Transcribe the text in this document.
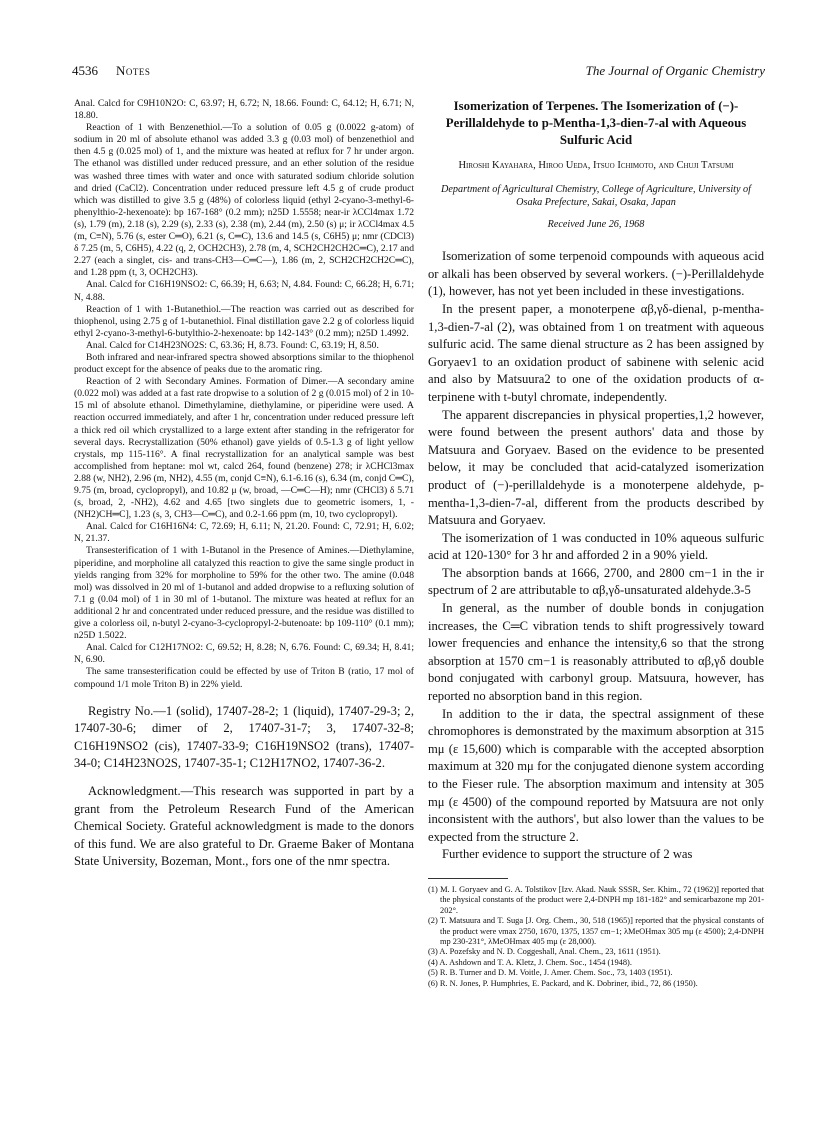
4536 Notes	The Journal of Organic Chemistry

Anal. Calcd for C9H10N2O: C, 63.97; H, 6.72; N, 18.66. Found: C, 64.12; H, 6.71; N, 18.80.

Reaction of 1 with Benzenethiol.—To a solution of 0.05 g (0.0022 g-atom) of sodium in 20 ml of absolute ethanol was added 3.3 g (0.03 mol) of benzenethiol and then 4.5 g (0.025 mol) of 1, and the mixture was heated at reflux for 7 hr under argon. The ethanol was distilled under reduced pressure, and an ether solution of the residue was washed three times with water and once with saturated sodium chloride solution and dried (CaCl2). Concentration under reduced pressure left 4.5 g of crude product which was distilled to give 3.5 g (48%) of colorless liquid (ethyl 2-cyano-3-methyl-6-phenylthio-2-hexenoate): bp 167-168° (0.2 mm); n25D 1.5558; near-ir λCCl4max 1.72 (s), 1.79 (m), 2.18 (s), 2.29 (s), 2.33 (s), 2.38 (m), 2.44 (m), 2.50 (s) μ; ir λCCl4max 4.5 (m, C≡N), 5.76 (s, ester C═O), 6.21 (s, C═C), 13.6 and 14.5 (s, C6H5) μ; nmr (CDCl3) δ 7.25 (m, 5, C6H5), 4.22 (q, 2, OCH2CH3), 2.78 (m, 4, SCH2CH2CH2C═C), 2.17 and 2.27 (each a singlet, cis- and trans-CH3—C═C—), 1.86 (m, 2, SCH2CH2CH2C═C), and 1.28 ppm (t, 3, OCH2CH3).

Anal. Calcd for C16H19NSO2: C, 66.39; H, 6.63; N, 4.84. Found: C, 66.28; H, 6.71; N, 4.88.

Reaction of 1 with 1-Butanethiol.—The reaction was carried out as described for thiophenol, using 2.75 g of 1-butanethiol. Final distillation gave 2.2 g of colorless liquid ethyl 2-cyano-3-methyl-6-butylthio-2-hexenoate: bp 142-143° (0.2 mm); n25D 1.4992.

Anal. Calcd for C14H23NO2S: C, 63.36; H, 8.73. Found: C, 63.19; H, 8.50.

Both infrared and near-infrared spectra showed absorptions similar to the thiophenol product except for the absence of peaks due to the aromatic ring.

Reaction of 2 with Secondary Amines. Formation of Dimer.—A secondary amine (0.022 mol) was added at a fast rate dropwise to a solution of 2 g (0.015 mol) of 2 in 10-15 ml of absolute ethanol. Dimethylamine, diethylamine, or piperidine were used. A reaction occurred immediately, and after 1 hr, concentration under reduced pressure left a thick red oil which crystallized to a large extent after standing in the refrigerator for several days. Recrystallization (50% ethanol) gave yields of 0.5-1.3 g of light yellow crystals, mp 115-116°. A final recrystallization for an analytical sample was best accomplished from heptane: mol wt, calcd 264, found (benzene) 278; ir λCHCl3max 2.88 (w, NH2), 2.96 (m, NH2), 4.55 (m, conjd C≡N), 6.1-6.16 (s), 6.34 (m, conjd C═C), 9.75 (m, broad, cyclopropyl), and 10.82 μ (w, broad, —C═C—H); nmr (CHCl3) δ 5.71 (s, broad, 2, -NH2), 4.62 and 4.65 [two singlets due to geometric isomers, 1, -(NH2)CH═C], 1.23 (s, 3, CH3—C═C), and 0.2-1.66 ppm (m, 10, two cyclopropyl).

Anal. Calcd for C16H16N4: C, 72.69; H, 6.11; N, 21.20. Found: C, 72.91; H, 6.02; N, 21.37.

Transesterification of 1 with 1-Butanol in the Presence of Amines.—Diethylamine, piperidine, and morpholine all catalyzed this reaction to give the same single product in yields ranging from 32% for morpholine to 59% for the other two. The amine (0.048 mol) was dissolved in 20 ml of 1-butanol and added dropwise to a refluxing solution of 7.1 g (0.04 mol) of 1 in 30 ml of 1-butanol. The mixture was heated at reflux for an additional 2 hr and concentrated under reduced pressure, and the residue was distilled to give a colorless oil, n-butyl 2-cyano-3-cyclopropyl-2-butenoate: bp 109-110° (0.1 mm); n25D 1.5022.

Anal. Calcd for C12H17NO2: C, 69.52; H, 8.28; N, 6.76. Found: C, 69.34; H, 8.41; N, 6.90.

The same transesterification could be effected by use of Triton B (ratio, 17 mol of compound 1/1 mole Triton B) in 22% yield.

Registry No.—1 (solid), 17407-28-2; 1 (liquid), 17407-29-3; 2, 17407-30-6; dimer of 2, 17407-31-7; 3, 17407-32-8; C16H19NSO2 (cis), 17407-33-9; C16H19NSO2 (trans), 17407-34-0; C14H23NO2S, 17407-35-1; C12H17NO2, 17407-36-2.

Acknowledgment.—This research was supported in part by a grant from the Petroleum Research Fund of the American Chemical Society. Grateful acknowledgment is made to the donors of this fund. We are also grateful to Dr. Graeme Baker of Montana State University, Bozeman, Mont., fors one of the nmr spectra.

Isomerization of Terpenes. The Isomerization of (−)-Perillaldehyde to p-Mentha-1,3-dien-7-al with Aqueous Sulfuric Acid
Hiroshi Kayahara, Hiroo Ueda, Itsuo Ichimoto, and Chuji Tatsumi
Department of Agricultural Chemistry, College of Agriculture, University of Osaka Prefecture, Sakai, Osaka, Japan
Received June 26, 1968

Isomerization of some terpenoid compounds with aqueous acid or alkali has been observed by several workers. (−)-Perillaldehyde (1), however, has not yet been included in these investigations.

In the present paper, a monoterpene αβ,γδ-dienal, p-mentha-1,3-dien-7-al (2), was obtained from 1 on treatment with aqueous sulfuric acid. The same dienal structure as 2 has been assigned by Goryaev1 to an oxidation product of sabinene with selenic acid and also by Matsuura2 to one of the oxidation products of α-terpinene with t-butyl chromate, independently.

The apparent discrepancies in physical properties,1,2 however, were found between the present authors' data and those by Matsuura and Goryaev. Based on the evidence to be presented below, it may be concluded that acid-catalyzed isomerization product of (−)-perillaldehyde is a monoterpene aldehyde, p-mentha-1,3-dien-7-al, different from the products described by Matsuura and Goryaev.

The isomerization of 1 was conducted in 10% aqueous sulfuric acid at 120-130° for 3 hr and afforded 2 in a 90% yield.

The absorption bands at 1666, 2700, and 2800 cm−1 in the ir spectrum of 2 are attributable to αβ,γδ-unsaturated aldehyde.3-5

In general, as the number of double bonds in conjugation increases, the C═C vibration tends to shift progressively toward lower frequencies and enhance the intensity,6 so that the strong absorption at 1570 cm−1 is reasonably attributed to αβ,γδ double bond conjugated with carbonyl group. Matsuura, however, has reported no absorption band in this region.

In addition to the ir data, the spectral assignment of these chromophores is demonstrated by the maximum absorption at 315 mμ (ε 15,600) which is comparable with the accepted absorption maximum at 320 mμ for the conjugated dienone system according to the Fieser rule. The absorption maximum and intensity at 305 mμ (ε 4500) of the compound reported by Matsuura are not only inconsistent with the authors', but also lower than the values to be expected from the structure 2.

Further evidence to support the structure of 2 was

(1) M. I. Goryaev and G. A. Tolstikov [Izv. Akad. Nauk SSSR, Ser. Khim., 72 (1962)] reported that the physical constants of the product were 2,4-DNPH mp 181-182° and semicarbazone mp 201-202°.

(2) T. Matsuura and T. Suga [J. Org. Chem., 30, 518 (1965)] reported that the physical constants of the product were νmax 2750, 1670, 1375, 1357 cm−1; λMeOHmax 305 mμ (ε 4500); 2,4-DNPH mp 230-231°, λMeOHmax 405 mμ (ε 28,000).

(3) A. Pozefsky and N. D. Coggeshall, Anal. Chem., 23, 1611 (1951).

(4) A. Ashdown and T. A. Kletz, J. Chem. Soc., 1454 (1948).

(5) R. B. Turner and D. M. Voitle, J. Amer. Chem. Soc., 73, 1403 (1951).

(6) R. N. Jones, P. Humphries, E. Packard, and K. Dobriner, ibid., 72, 86 (1950).
